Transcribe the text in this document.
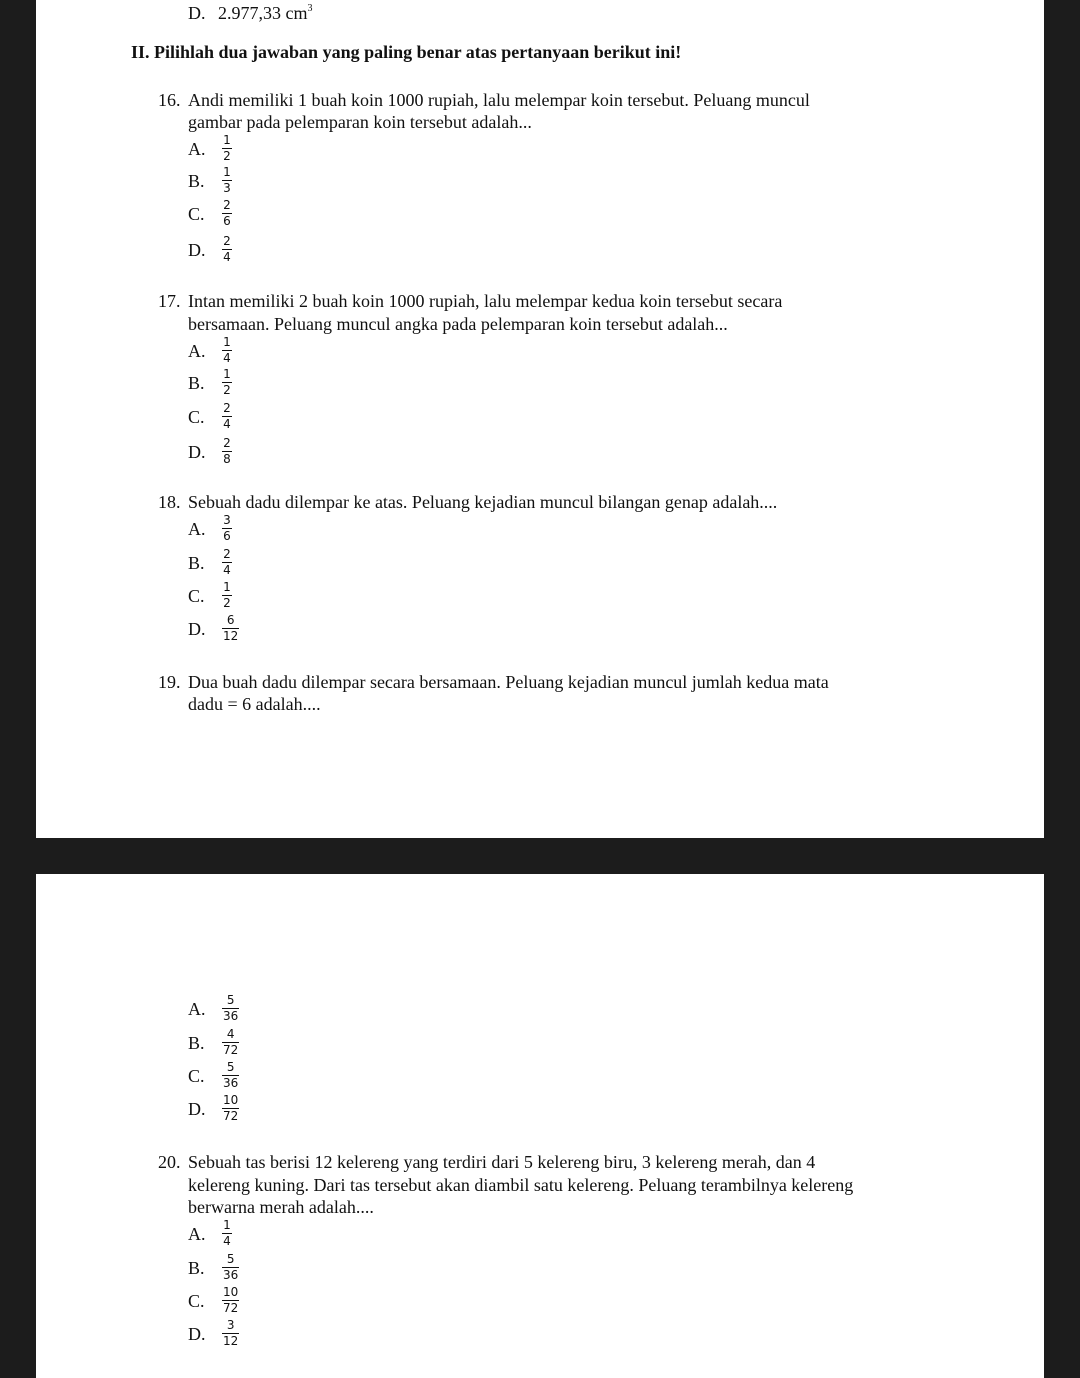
D. 2.977,33 $cm^3$
II. Pilihlah dua jawaban yang paling benar atas pertanyaan berikut ini!
16. Andi memiliki 1 buah koin 1000 rupiah, lalu melempar koin tersebut. Peluang muncul
gambar pada pelemparan koin tersebut adalah...
A. 1
2
B. 1
3
C. 2
6
D. 2
4
17. Intan memiliki 2 buah koin 1000 rupiah, lalu melempar kedua koin tersebut secara
bersamaan. Peluang muncul angka pada pelemparan koin tersebut adalah...
A. 1
4
B. 1
2
C. 2
4
D. 2
8
18. Sebuah dadu dilempar ke atas. Peluang kejadian muncul bilangan genap adalah....
A. 3
6
B. 2
4
C. 1
2
D. 6
12
19. Dua buah dadu dilempar secara bersamaan. Peluang kejadian muncul jumlah kedua mata
dadu = 6 adalah....
A. 5
36
B. 4
72
C. 5
36
D. 10
72
20. Sebuah tas berisi 12 kelereng yang terdiri dari 5 kelereng biru, 3 kelereng merah, dan 4
kelereng kuning. Dari tas tersebut akan diambil satu kelereng. Peluang terambilnya kelereng
berwarna merah adalah....
A. 1
4
B. 5
36
C. 10
72
D. 3
12
